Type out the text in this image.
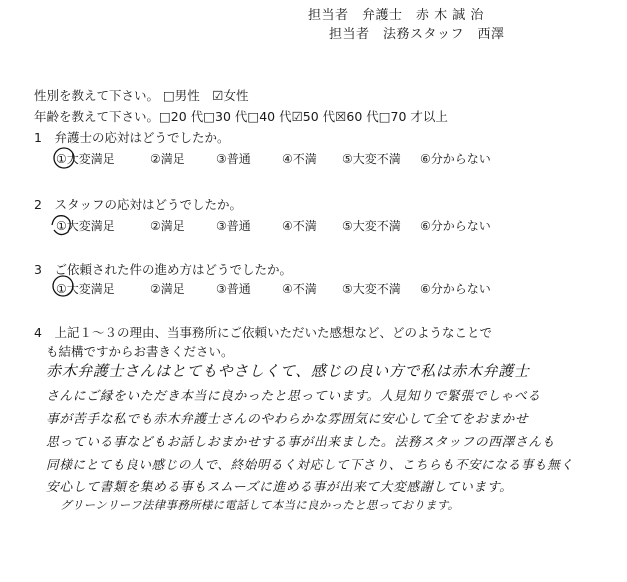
担当者　弁護士　赤 木 誠 治
担当者　法務スタッフ　西澤
性別を教えて下さい。 □男性　☑女性
年齢を教えて下さい。□20 代□30 代□40 代☑50 代☒60 代□70 才以上
1　弁護士の応対はどうでしたか。
①大変満足	②満足	③普通	④不満 ⑤大変不満 ⑥分からない
2　スタッフの応対はどうでしたか。
①大変満足	②満足	③普通	④不満 ⑤大変不満 ⑥分からない
3　ご依頼された件の進め方はどうでしたか。
①大変満足	②満足	③普通	④不満 ⑤大変不満 ⑥分からない
4　上記１～３の理由、当事務所にご依頼いただいた感想など、どのようなことで
も結構ですからお書きください。
赤木弁護士さんはとてもやさしくて、感じの良い方で私は赤木弁護士
さんにご縁をいただき本当に良かったと思っています。人見知りで緊張でしゃべる
事が苦手な私でも赤木弁護士さんのやわらかな雰囲気に安心して全てをおまかせ
思っている事などもお話しおまかせする事が出来ました。法務スタッフの西澤さんも
同様にとても良い感じの人で、終始明るく対応して下さり、こちらも不安になる事も無く
安心して書類を集める事もスムーズに進める事が出来て大変感謝しています。
グリーンリーフ法律事務所様に電話して本当に良かったと思っております。
